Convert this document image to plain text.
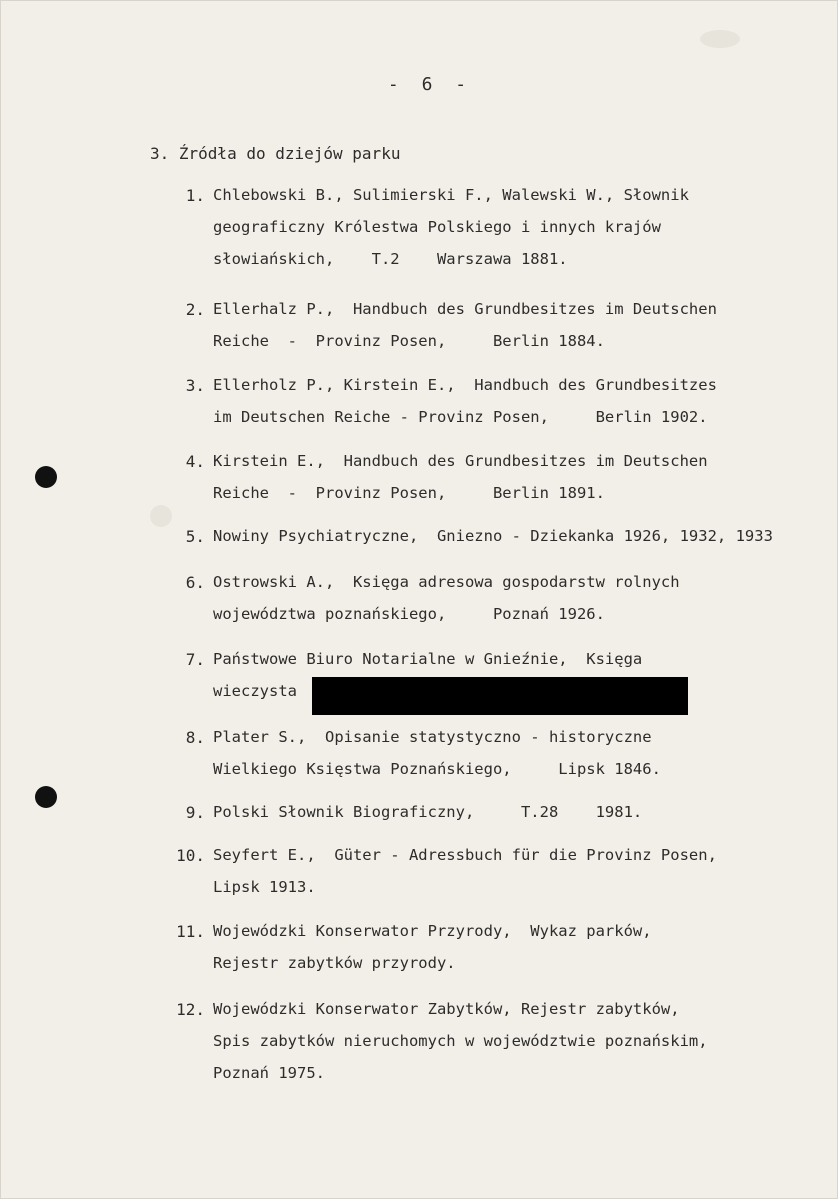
- 6 -
3. Źródła do dziejów parku
1. Chlebowski B., Sulimierski F., Walewski W., Słownik
geograficzny Królestwa Polskiego i innych krajów
słowiańskich,    T.2    Warszawa 1881.
2. Ellerhalz P.,  Handbuch des Grundbesitzes im Deutschen
Reiche  -  Provinz Posen,     Berlin 1884.
3. Ellerholz P., Kirstein E.,  Handbuch des Grundbesitzes
im Deutschen Reiche - Provinz Posen,     Berlin 1902.
4. Kirstein E.,  Handbuch des Grundbesitzes im Deutschen
Reiche  -  Provinz Posen,     Berlin 1891.
5. Nowiny Psychiatryczne,  Gniezno - Dziekanka 1926, 1932, 1933
6. Ostrowski A.,  Księga adresowa gospodarstw rolnych
województwa poznańskiego,     Poznań 1926.
7. Państwowe Biuro Notarialne w Gnieźnie,  Księga
wieczysta
8. Plater S.,  Opisanie statystyczno - historyczne
Wielkiego Księstwa Poznańskiego,     Lipsk 1846.
9. Polski Słownik Biograficzny,     T.28    1981.
10. Seyfert E.,  Güter - Adressbuch für die Provinz Posen,
Lipsk 1913.
11. Wojewódzki Konserwator Przyrody,  Wykaz parków,
Rejestr zabytków przyrody.
12. Wojewódzki Konserwator Zabytków, Rejestr zabytków,
Spis zabytków nieruchomych w województwie poznańskim,
Poznań 1975.
